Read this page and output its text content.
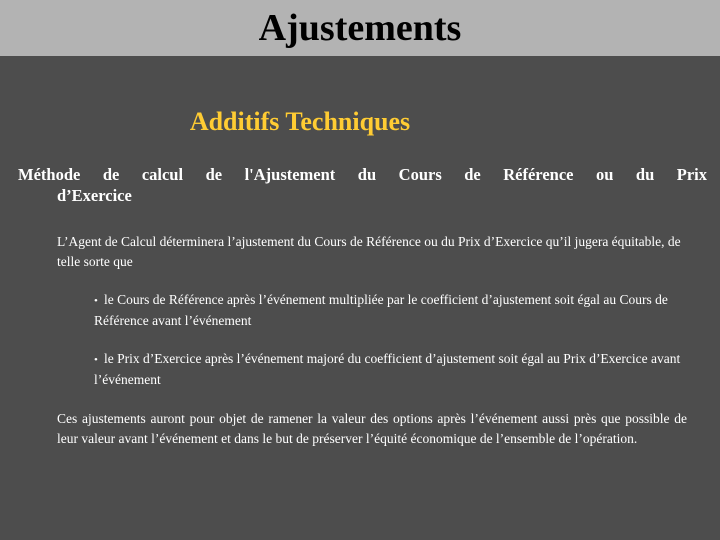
Ajustements
Additifs Techniques

Méthode de calcul de l'Ajustement du Cours de Référence ou du Prix
d’Exercice

L’Agent de Calcul déterminera l’ajustement du Cours de Référence ou du Prix d’Exercice qu’il jugera équitable, de telle sorte que

• le Cours de Référence après l’événement multipliée par le coefficient d’ajustement soit égal au Cours de Référence avant l’événement

• le Prix d’Exercice après l’événement majoré du coefficient d’ajustement soit égal au Prix d’Exercice avant l’événement

Ces ajustements auront pour objet de ramener la valeur des options après l’événement aussi près que possible de leur valeur avant l’événement et dans le but de préserver l’équité économique de l’ensemble de l’opération.
